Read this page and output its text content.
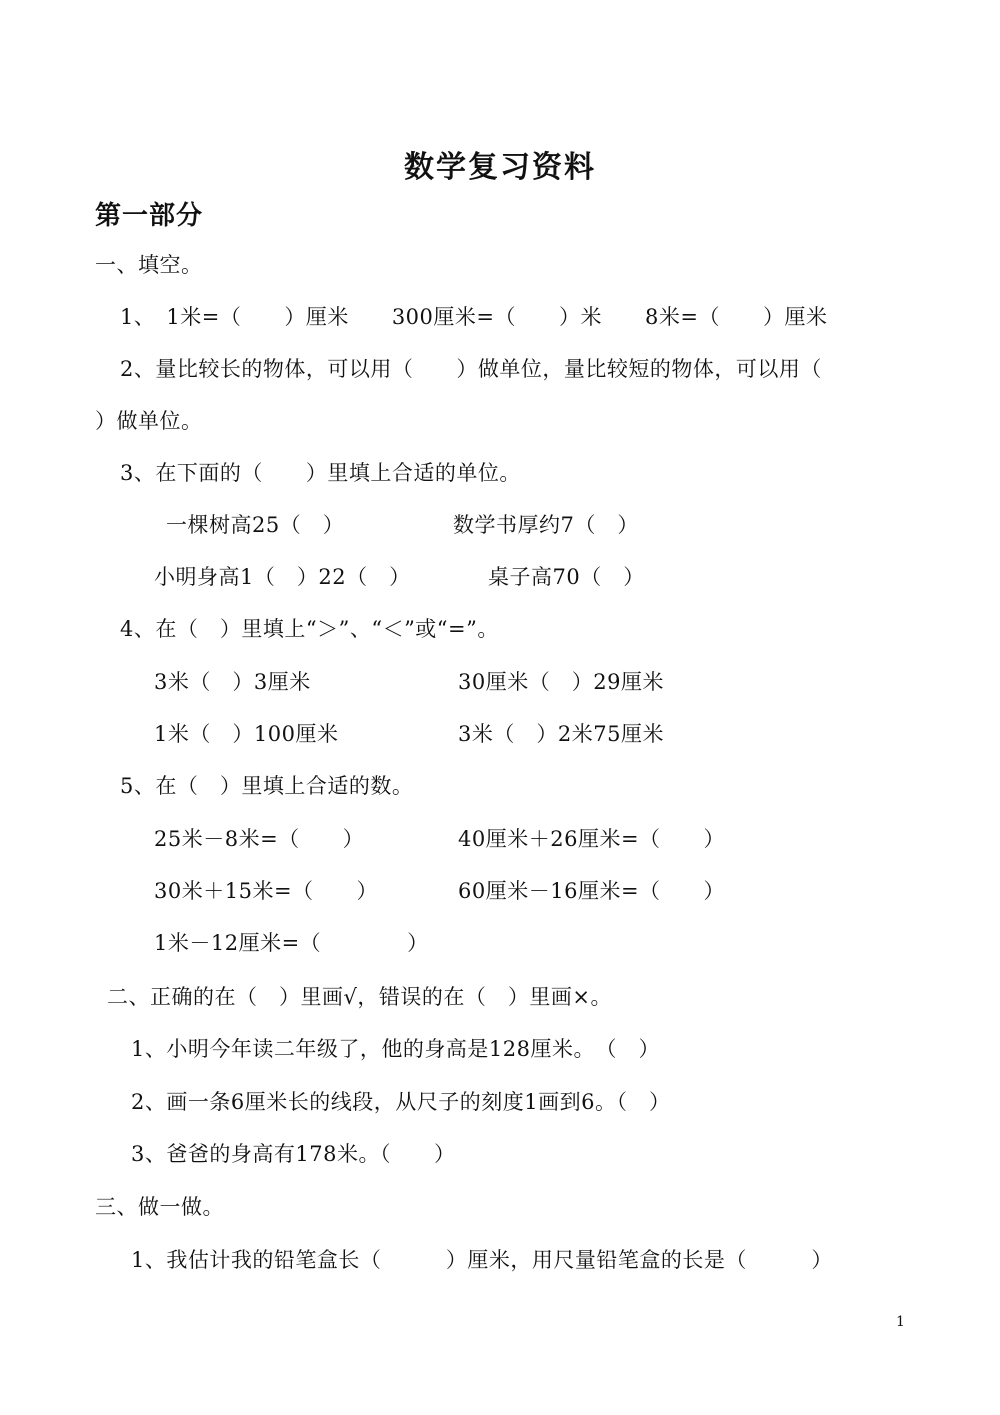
数学复习资料
第一部分
一、填空。
1、　1米=（　　）厘米　　300厘米=（　　）米　　8米=（　　）厘米
2、量比较长的物体，可以用（　　）做单位，量比较短的物体，可以用（
）做单位。
3、在下面的（　　）里填上合适的单位。
一棵树高25（　）	数学书厚约7（　）
小明身高1（　）22（　）	桌子高70（　）
4、在（　）里填上“＞”、“＜”或“=”。
3米（　）3厘米	30厘米（　）29厘米
1米（　）100厘米	3米（　）2米75厘米
5、在（　）里填上合适的数。
25米－8米=（　　）	40厘米＋26厘米=（　　）
30米＋15米=（　　）	60厘米－16厘米=（　　）
1米－12厘米=（　　　　）
二、正确的在（　）里画√，错误的在（　）里画×。
1、小明今年读二年级了，他的身高是128厘米。　（　）
2、画一条6厘米长的线段，从尺子的刻度1画到6。（　）
3、爸爸的身高有178米。（　　）
三、做一做。
1、我估计我的铅笔盒长（　　　）厘米，用尺量铅笔盒的长是（　　　）
1
